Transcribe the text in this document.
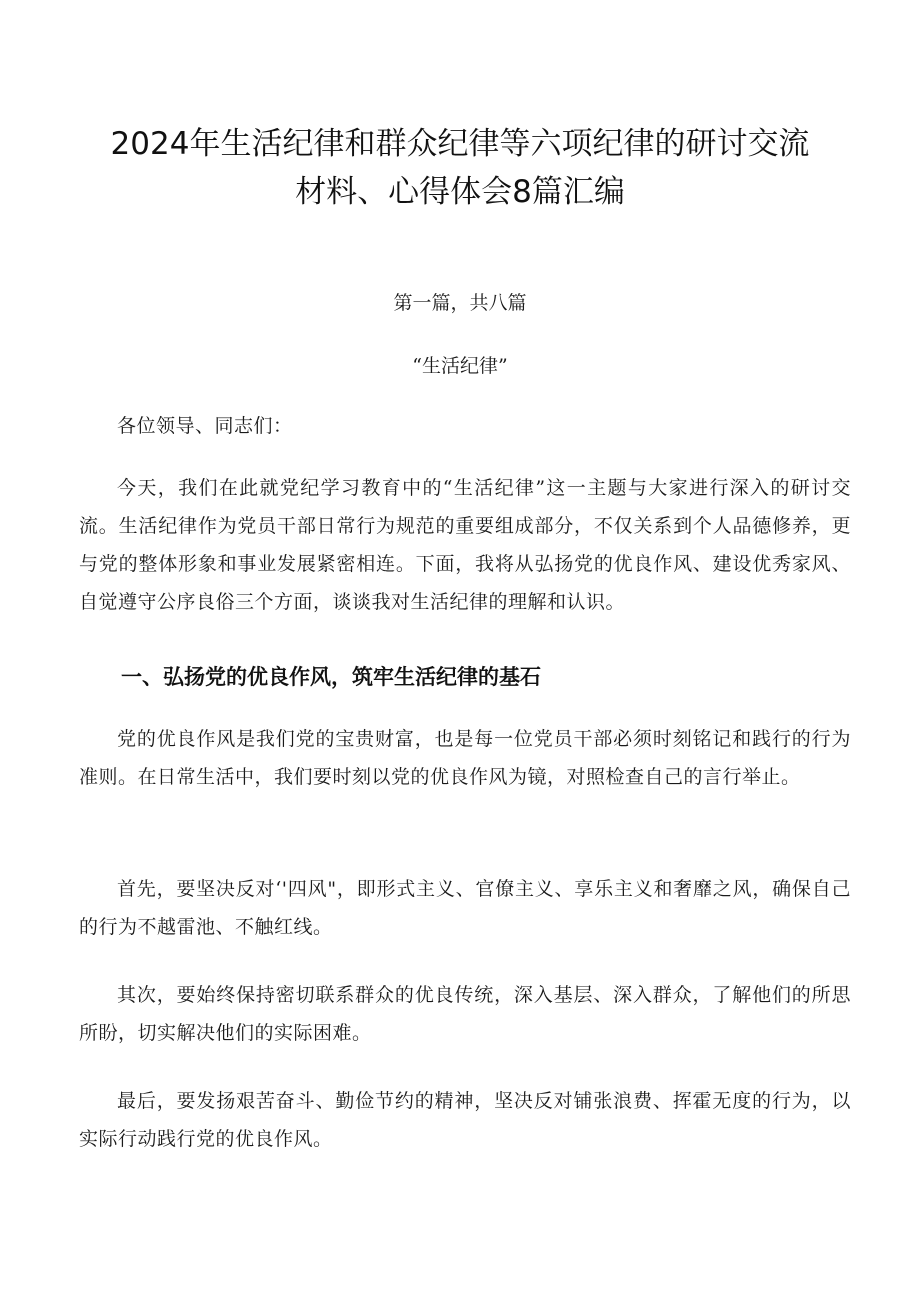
2024年生活纪律和群众纪律等六项纪律的研讨交流
材料、心得体会8篇汇编

第一篇，共八篇

“生活纪律”

各位领导、同志们：

今天，我们在此就党纪学习教育中的“生活纪律”这一主题与大家进行深入的研讨交流。生活纪律作为党员干部日常行为规范的重要组成部分，不仅关系到个人品德修养，更与党的整体形象和事业发展紧密相连。下面，我将从弘扬党的优良作风、建设优秀家风、自觉遵守公序良俗三个方面，谈谈我对生活纪律的理解和认识。

一、弘扬党的优良作风，筑牢生活纪律的基石

党的优良作风是我们党的宝贵财富，也是每一位党员干部必须时刻铭记和践行的行为准则。在日常生活中，我们要时刻以党的优良作风为镜，对照检查自己的言行举止。

首先，要坚决反对‘'四风"，即形式主义、官僚主义、享乐主义和奢靡之风，确保自己的行为不越雷池、不触红线。

其次，要始终保持密切联系群众的优良传统，深入基层、深入群众，了解他们的所思所盼，切实解决他们的实际困难。

最后，要发扬艰苦奋斗、勤俭节约的精神，坚决反对铺张浪费、挥霍无度的行为，以实际行动践行党的优良作风。
